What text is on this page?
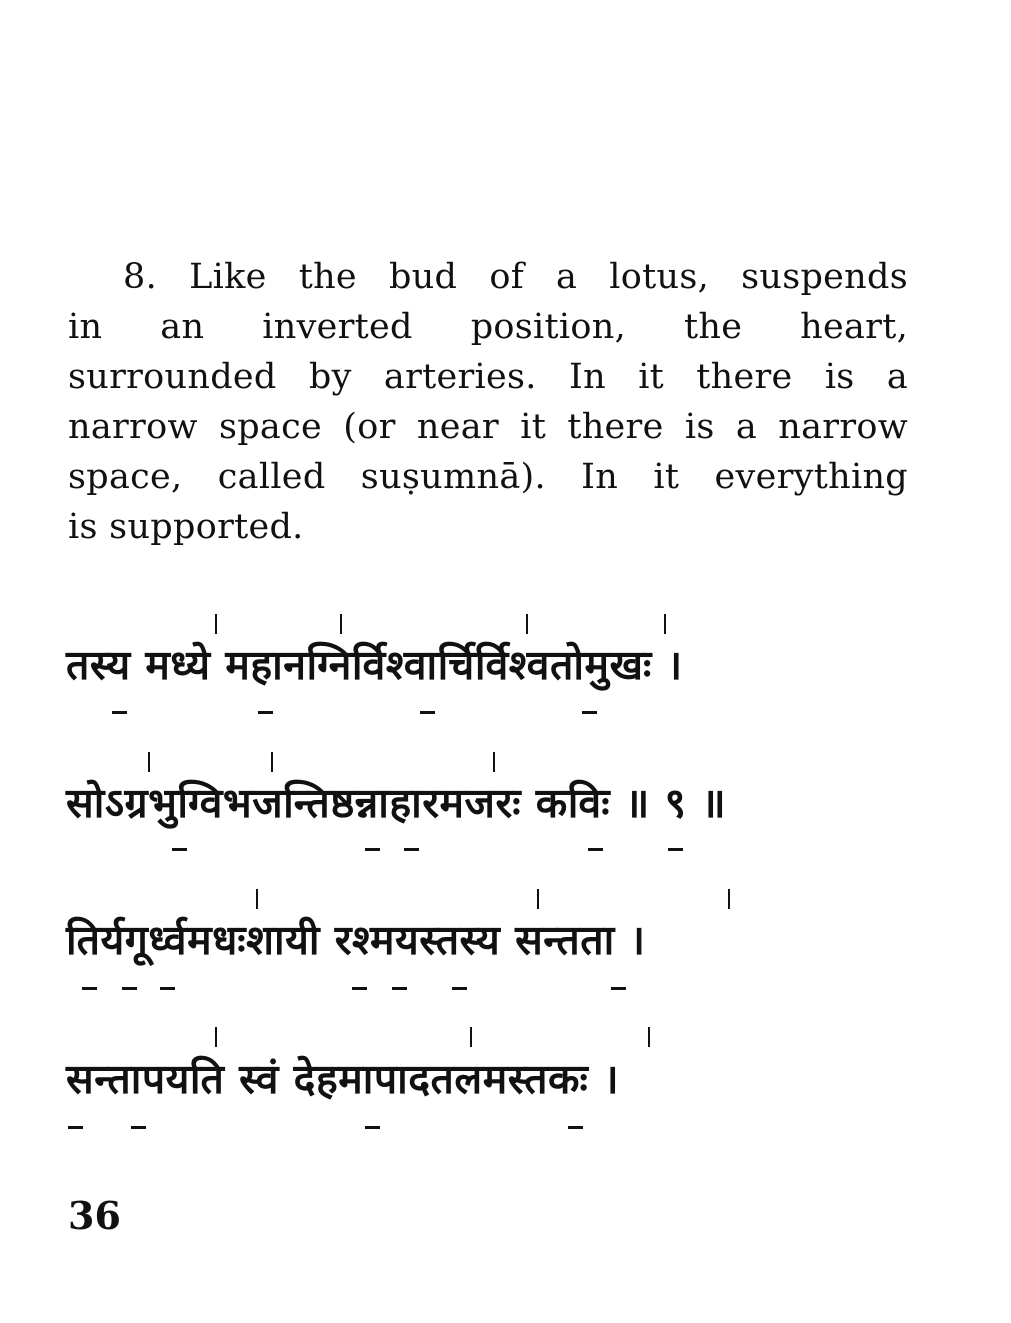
8. Like the bud of a lotus, suspends
in an inverted position, the heart,
surrounded by arteries. In it there is a
narrow space (or near it there is a narrow
space, called suṣumnā). In it everything
is supported.
तस्य मध्ये महानग्निर्विश्वार्चिर्विश्वतोमुखः ।
सोऽग्रभुग्विभजन्तिष्ठन्नाहारमजरः कविः ॥ ९ ॥
तिर्यगूर्ध्वमधःशायी रश्मयस्तस्य सन्तता ।
सन्तापयति स्वं देहमापादतलमस्तकः ।
36
